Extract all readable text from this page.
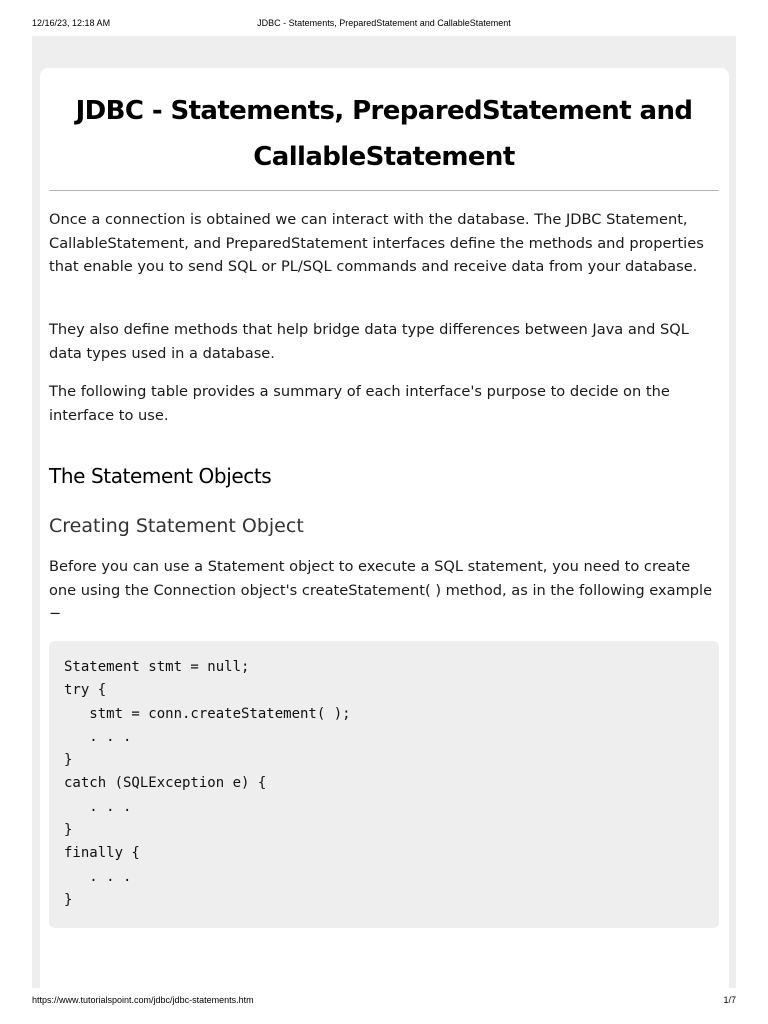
12/16/23, 12:18 AM	JDBC - Statements, PreparedStatement and CallableStatement
JDBC - Statements, PreparedStatement and
CallableStatement

Once a connection is obtained we can interact with the database. The JDBC Statement, CallableStatement, and PreparedStatement interfaces define the methods and properties that enable you to send SQL or PL/SQL commands and receive data from your database.

They also define methods that help bridge data type differences between Java and SQL data types used in a database.

The following table provides a summary of each interface's purpose to decide on the interface to use.

The Statement Objects
Creating Statement Object

Before you can use a Statement object to execute a SQL statement, you need to create one using the Connection object's createStatement( ) method, as in the following example −

Statement stmt = null;
try {
stmt = conn.createStatement( );
. . .
}
catch (SQLException e) {
. . .
}
finally {
. . .
}
https://www.tutorialspoint.com/jdbc/jdbc-statements.htm	1/7
